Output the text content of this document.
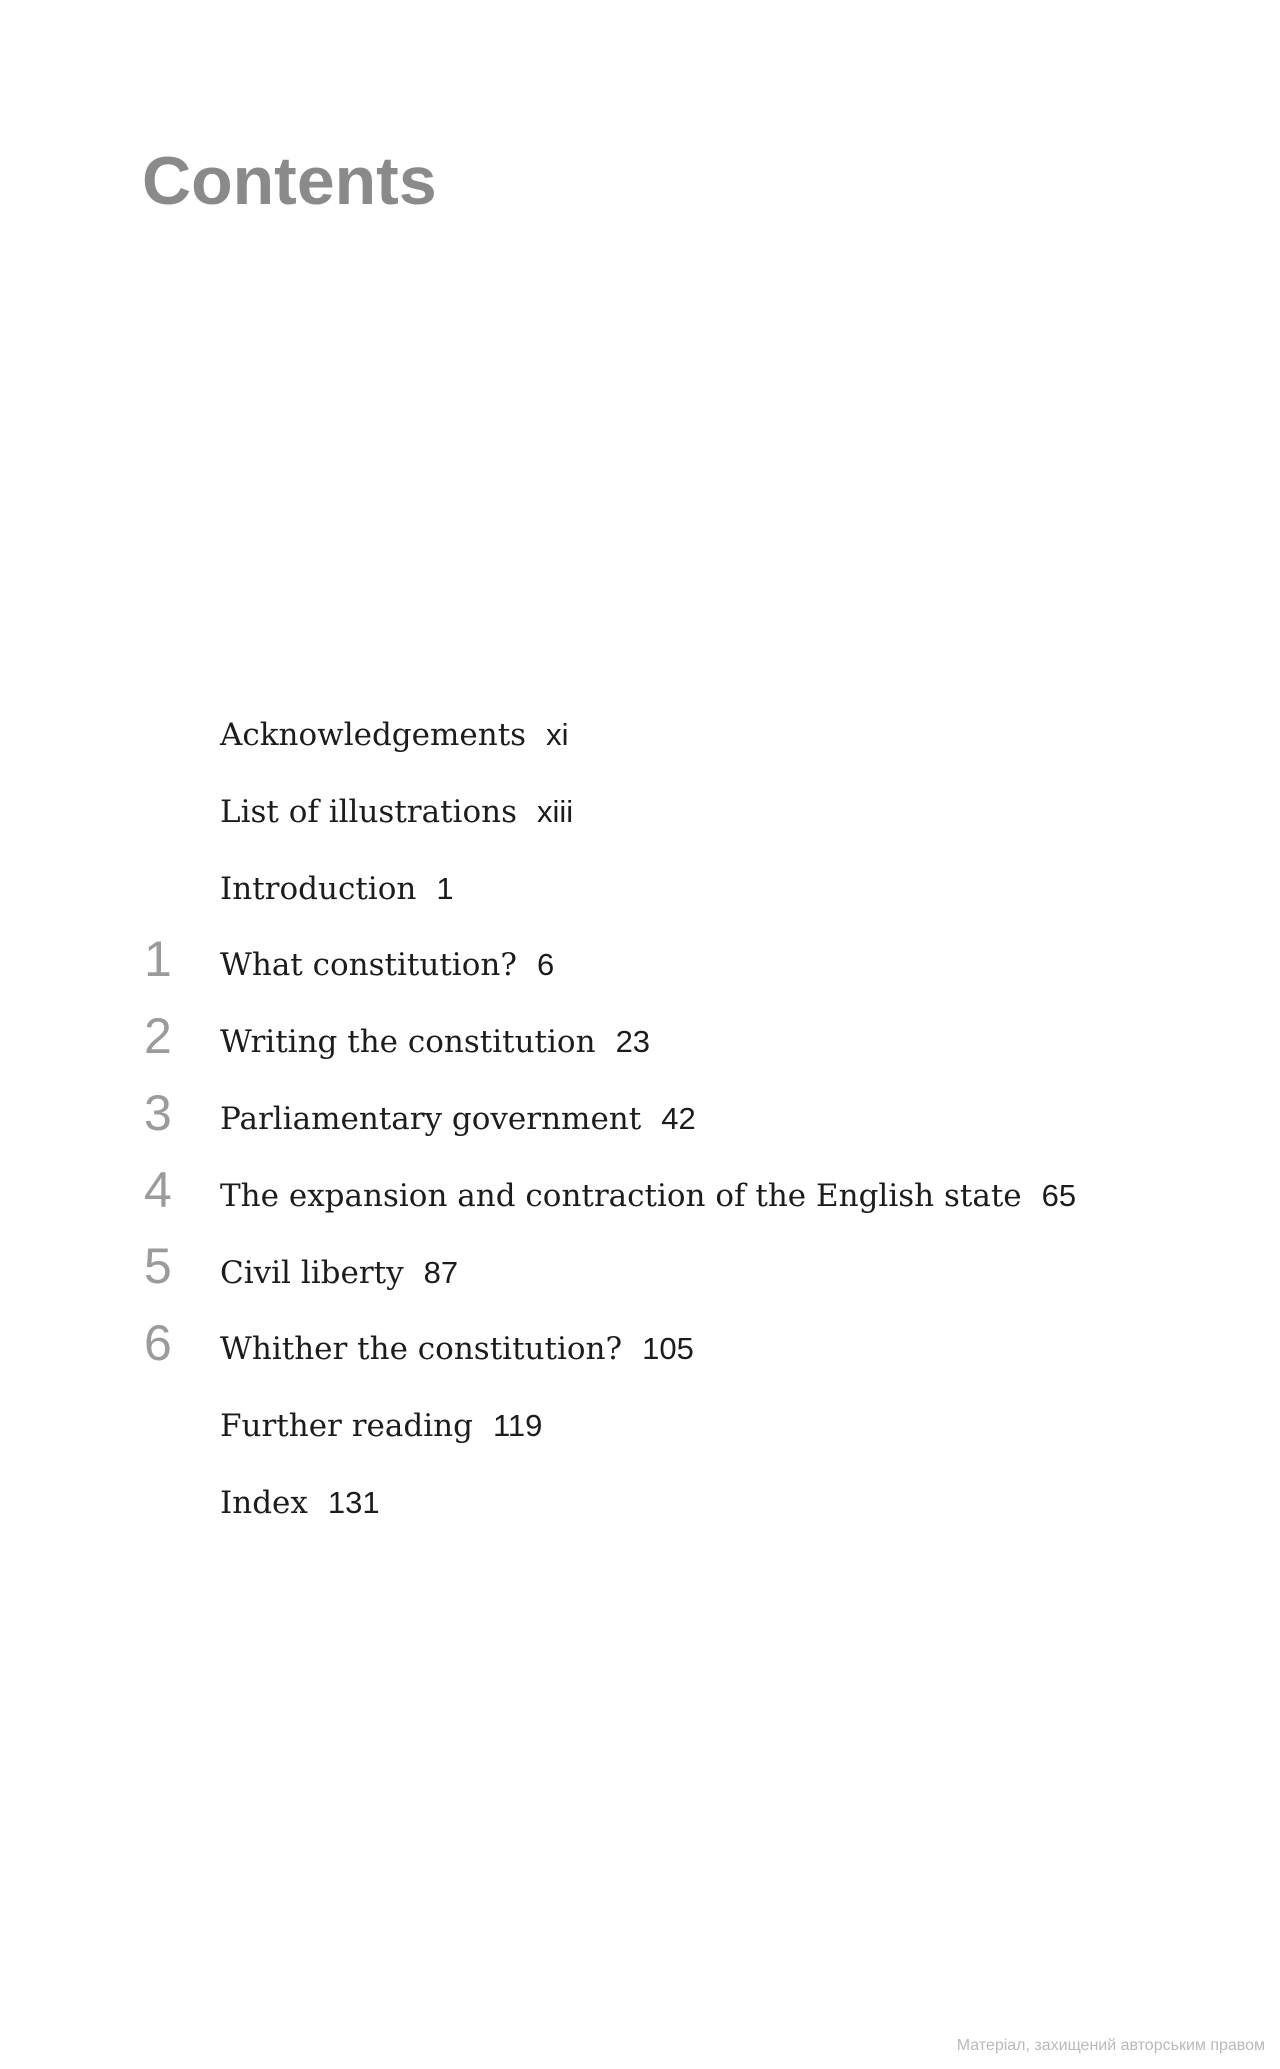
Contents
Acknowledgements xi
List of illustrations xiii
Introduction 1
1 What constitution? 6
2 Writing the constitution 23
3 Parliamentary government 42
4 The expansion and contraction of the English state 65
5 Civil liberty 87
6 Whither the constitution? 105
Further reading 119
Index 131
Матеріал, захищений авторським правом
